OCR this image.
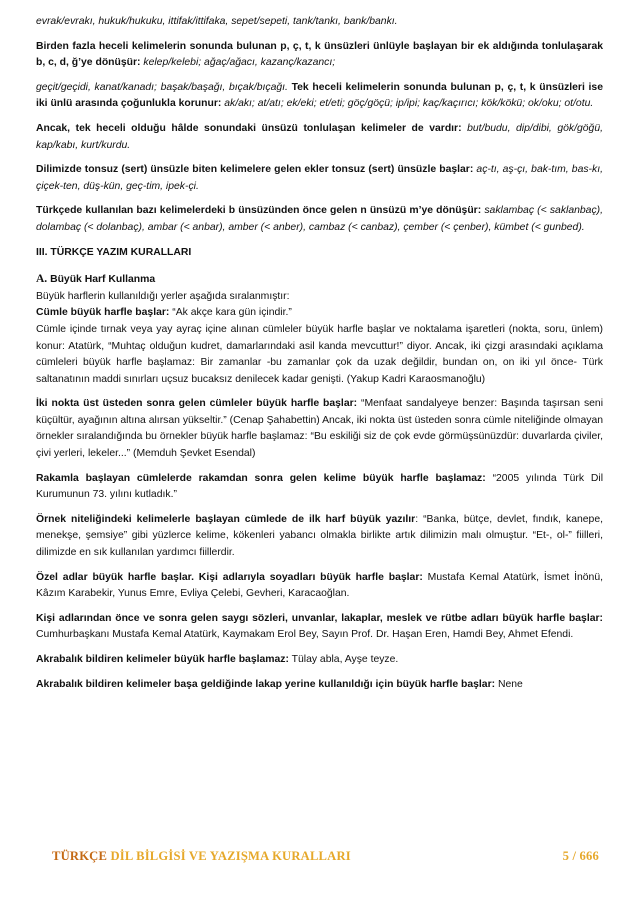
evrak/evrakı, hukuk/hukuku, ittifak/ittifaka, sepet/sepeti, tank/tankı, bank/bankı.

Birden fazla heceli kelimelerin sonunda bulunan p, ç, t, k ünsüzleri ünlüyle başlayan bir ek aldığında tonlulaşarak b, c, d, ğ’ye dönüşür: kelep/kelebi; ağaç/ağacı, kazanç/kazancı;

geçit/geçidi, kanat/kanadı; başak/başağı, bıçak/bıçağı. Tek heceli kelimelerin sonunda bulunan p, ç, t, k ünsüzleri ise iki ünlü arasında çoğunlukla korunur: ak/akı; at/atı; ek/eki; et/eti; göç/göçü; ip/ipi; kaç/kaçırıcı; kök/kökü; ok/oku; ot/otu.

Ancak, tek heceli olduğu hâlde sonundaki ünsüzü tonlulaşan kelimeler de vardır: but/budu, dip/dibi, gök/göğü, kap/kabı, kurt/kurdu.

Dilimizde tonsuz (sert) ünsüzle biten kelimelere gelen ekler tonsuz (sert) ünsüzle başlar: aç-tı, aş-çı, bak-tım, bas-kı, çiçek-ten, düş-kün, geç-tim, ipek-çi.

Türkçede kullanılan bazı kelimelerdeki b ünsüzünden önce gelen n ünsüzü m’ye dönüşür: saklambaç (< saklanbaç), dolambaç (< dolanbaç), ambar (< anbar), amber (< anber), cambaz (< canbaz), çember (< çenber), kümbet (< gunbed).

III. TÜRKÇE YAZIM KURALLARI

A. Büyük Harf Kullanma
Büyük harflerin kullanıldığı yerler aşağıda sıralanmıştır:
Cümle büyük harfle başlar: “Ak akçe kara gün içindir.”

Cümle içinde tırnak veya yay ayraç içine alınan cümleler büyük harfle başlar ve noktalama işaretleri (nokta, soru, ünlem) konur: Atatürk, “Muhtaç olduğun kudret, damarlarındaki asil kanda mevcuttur!” diyor. Ancak, iki çizgi arasındaki açıklama cümleleri büyük harfle başlamaz: Bir zamanlar -bu zamanlar çok da uzak değildir, bundan on, on iki yıl önce- Türk saltanatının maddi sınırları uçsuz bucaksız denilecek kadar genişti. (Yakup Kadri Karaosmanoğlu)

İki nokta üst üsteden sonra gelen cümleler büyük harfle başlar: “Menfaat sandalyeye benzer: Başında taşırsan seni küçültür, ayağının altına alırsan yükseltir.” (Cenap Şahabettin) Ancak, iki nokta üst üsteden sonra cümle niteliğinde olmayan örnekler sıralandığında bu örnekler büyük harfle başlamaz: “Bu eskiliği siz de çok evde görmüşsünüzdür: duvarlarda çiviler, çivi yerleri, lekeler...” (Memduh Şevket Esendal)

Rakamla başlayan cümlelerde rakamdan sonra gelen kelime büyük harfle başlamaz: “2005 yılında Türk Dil Kurumunun 73. yılını kutladık.”

Örnek niteliğindeki kelimelerle başlayan cümlede de ilk harf büyük yazılır: “Banka, bütçe, devlet, fındık, kanepe, menekşe, şemsiye” gibi yüzlerce kelime, kökenleri yabancı olmakla birlikte artık dilimizin malı olmuştur. “Et-, ol-” fiilleri, dilimizde en sık kullanılan yardımcı fiillerdir.

Özel adlar büyük harfle başlar. Kişi adlarıyla soyadları büyük harfle başlar: Mustafa Kemal Atatürk, İsmet İnönü, Kâzım Karabekir, Yunus Emre, Evliya Çelebi, Gevheri, Karacaoğlan.

Kişi adlarından önce ve sonra gelen saygı sözleri, unvanlar, lakaplar, meslek ve rütbe adları büyük harfle başlar: Cumhurbaşkanı Mustafa Kemal Atatürk, Kaymakam Erol Bey, Sayın Prof. Dr. Haşan Eren, Hamdi Bey, Ahmet Efendi.

Akrabalık bildiren kelimeler büyük harfle başlamaz: Tülay abla, Ayşe teyze.

Akrabalık bildiren kelimeler başa geldiğinde lakap yerine kullanıldığı için büyük harfle başlar: Nene

TÜRKÇE DİL BİLGİSİ VE YAZIŞMA KURALLARI	5 / 666
